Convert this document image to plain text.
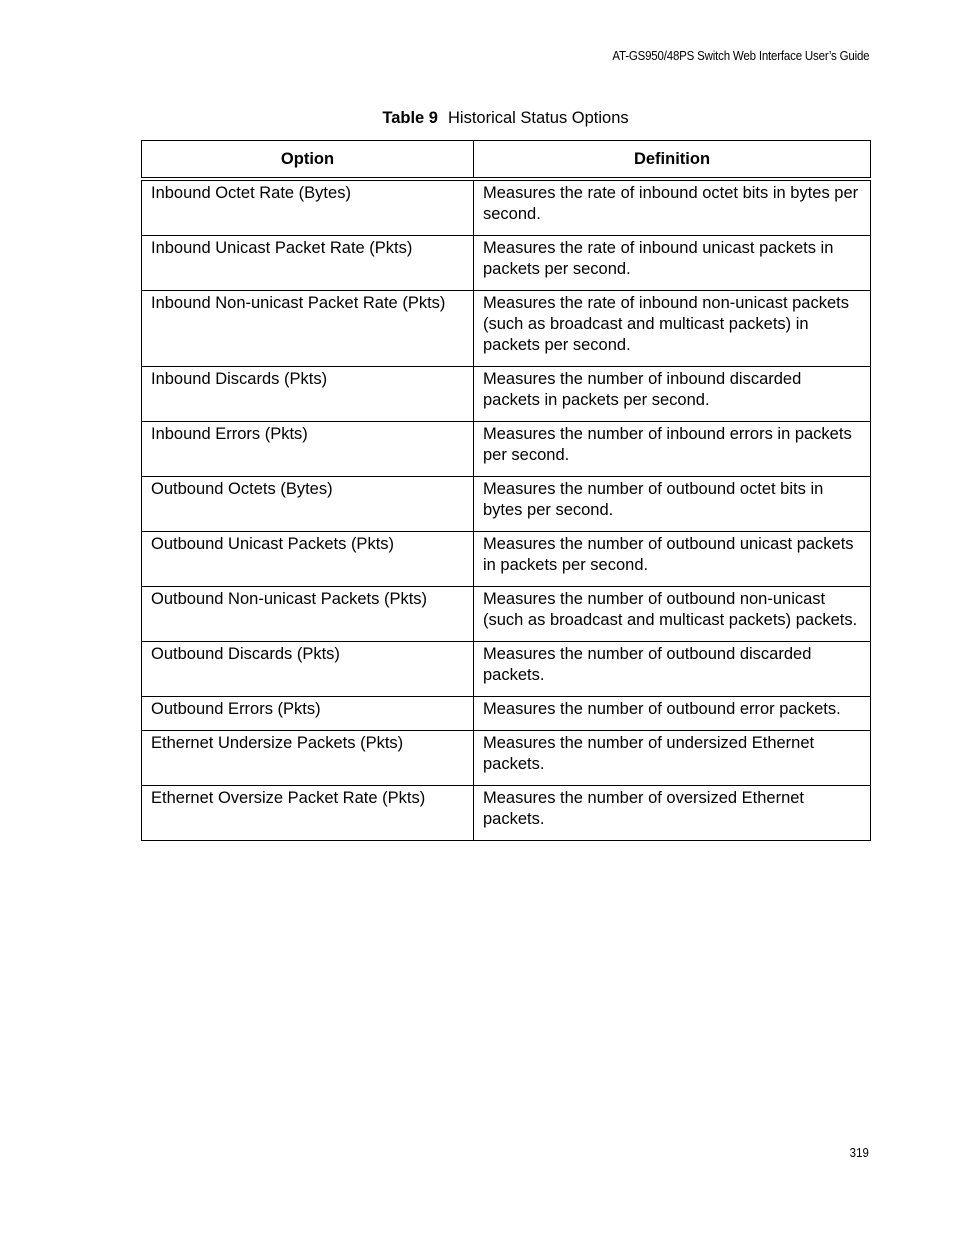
AT-GS950/48PS Switch Web Interface User’s Guide
Table 9 Historical Status Options
Option	Definition
Inbound Octet Rate (Bytes)	Measures the rate of inbound octet bits in bytes per second.
Inbound Unicast Packet Rate (Pkts)	Measures the rate of inbound unicast packets in packets per second.
Inbound Non-unicast Packet Rate (Pkts)	Measures the rate of inbound non-unicast packets (such as broadcast and multicast packets) in packets per second.
Inbound Discards (Pkts)	Measures the number of inbound discarded packets in packets per second.
Inbound Errors (Pkts)	Measures the number of inbound errors in packets per second.
Outbound Octets (Bytes)	Measures the number of outbound octet bits in bytes per second.
Outbound Unicast Packets (Pkts)	Measures the number of outbound unicast packets in packets per second.
Outbound Non-unicast Packets (Pkts)	Measures the number of outbound non-unicast (such as broadcast and multicast packets) packets.
Outbound Discards (Pkts)	Measures the number of outbound discarded packets.
Outbound Errors (Pkts)	Measures the number of outbound error packets.
Ethernet Undersize Packets (Pkts)	Measures the number of undersized Ethernet packets.
Ethernet Oversize Packet Rate (Pkts)	Measures the number of oversized Ethernet packets.
319
